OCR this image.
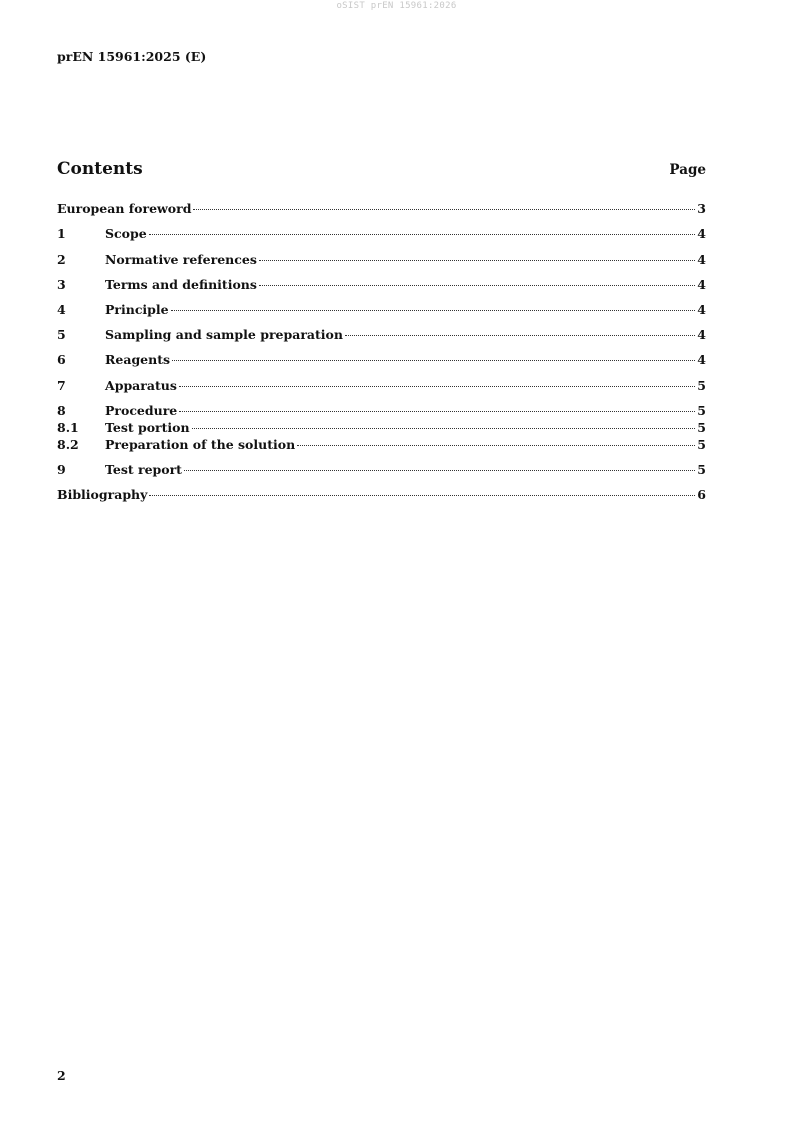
oSIST prEN 15961:2026
prEN 15961:2025 (E)
Contents	Page
European foreword	3
1	Scope	4
2	Normative references	4
3	Terms and definitions	4
4	Principle	4
5	Sampling and sample preparation	4
6	Reagents	4
7	Apparatus	5
8	Procedure	5
8.1	Test portion	5
8.2	Preparation of the solution	5
9	Test report	5
Bibliography	6
2
